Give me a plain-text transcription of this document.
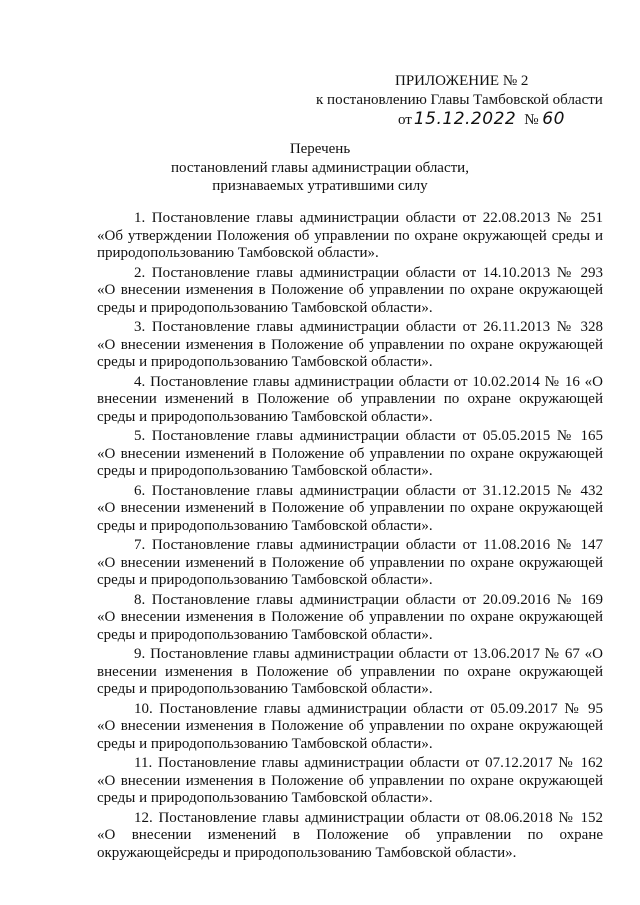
ПРИЛОЖЕНИЕ № 2
к постановлению Главы Тамбовской области
от 15.12.2022 № 60
Перечень
постановлений главы администрации области,
признаваемых утратившими силу
1. Постановление главы администрации области от 22.08.2013 № 251
«Об утверждении Положения об управлении по охране окружающей среды и
природопользованию Тамбовской области».
2. Постановление главы администрации области от 14.10.2013 № 293
«О внесении изменения в Положение об управлении по охране окружающей
среды и природопользованию Тамбовской области».
3. Постановление главы администрации области от 26.11.2013 № 328
«О внесении изменения в Положение об управлении по охране окружающей
среды и природопользованию Тамбовской области».
4. Постановление главы администрации области от 10.02.2014 № 16 «О
внесении изменений в Положение об управлении по охране окружающей
среды и природопользованию Тамбовской области».
5. Постановление главы администрации области от 05.05.2015 № 165
«О внесении изменений в Положение об управлении по охране окружающей
среды и природопользованию Тамбовской области».
6. Постановление главы администрации области от 31.12.2015 № 432
«О внесении изменений в Положение об управлении по охране окружающей
среды и природопользованию Тамбовской области».
7. Постановление главы администрации области от 11.08.2016 № 147
«О внесении изменений в Положение об управлении по охране окружающей
среды и природопользованию Тамбовской области».
8. Постановление главы администрации области от 20.09.2016 № 169
«О внесении изменения в Положение об управлении по охране окружающей
среды и природопользованию Тамбовской области».
9. Постановление главы администрации области от 13.06.2017 № 67 «О
внесении изменения в Положение об управлении по охране окружающей
среды и природопользованию Тамбовской области».
10. Постановление главы администрации области от 05.09.2017 № 95
«О внесении изменения в Положение об управлении по охране окружающей
среды и природопользованию Тамбовской области».
11. Постановление главы администрации области от 07.12.2017 № 162
«О внесении изменения в Положение об управлении по охране окружающей
среды и природопользованию Тамбовской области».
12. Постановление главы администрации области от 08.06.2018 № 152
«О внесении изменений в Положение об управлении по охране
окружающейсреды и природопользованию Тамбовской области».
